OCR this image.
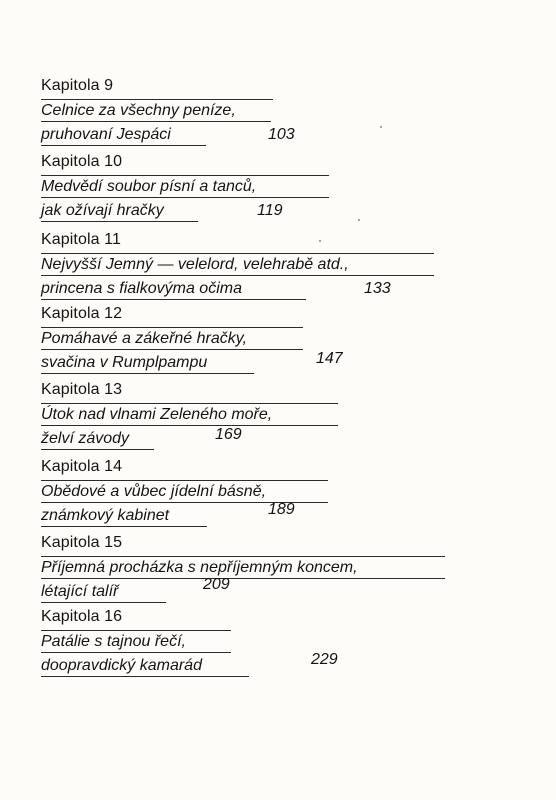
Kapitola 9
Celnice za všechny peníze,
pruhovaní Jespáci	103
Kapitola 10
Medvědí soubor písní a tanců,
jak ožívají hračky	119
Kapitola 11
Nejvyšší Jemný — velelord, velehrabě atd.,
princena s fialkovýma očima	133
Kapitola 12
Pomáhavé a zákeřné hračky,
svačina v Rumplpampu	147
Kapitola 13
Útok nad vlnami Zeleného moře,
želví závody	169
Kapitola 14
Obědové a vůbec jídelní básně,
známkový kabinet	189
Kapitola 15
Příjemná procházka s nepříjemným koncem,
létající talíř	209
Kapitola 16
Patálie s tajnou řečí,
doopravdický kamarád	229
